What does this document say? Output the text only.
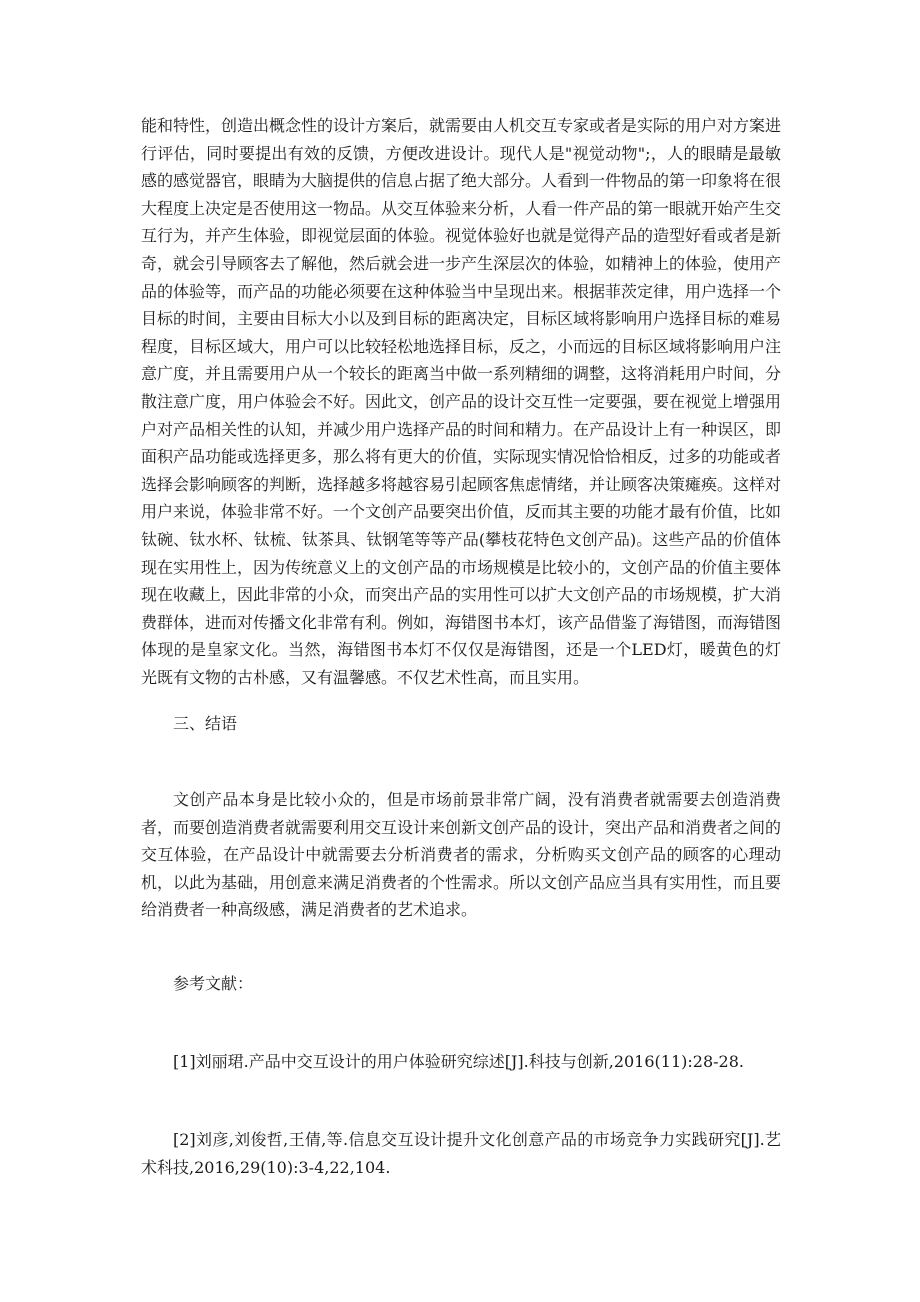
能和特性，创造出概念性的设计方案后，就需要由人机交互专家或者是实际的用户对方案进行评估，同时要提出有效的反馈，方便改进设计。现代人是"视觉动物";，人的眼睛是最敏感的感觉器官，眼睛为大脑提供的信息占据了绝大部分。人看到一件物品的第一印象将在很大程度上决定是否使用这一物品。从交互体验来分析，人看一件产品的第一眼就开始产生交互行为，并产生体验，即视觉层面的体验。视觉体验好也就是觉得产品的造型好看或者是新奇，就会引导顾客去了解他，然后就会进一步产生深层次的体验，如精神上的体验，使用产品的体验等，而产品的功能必须要在这种体验当中呈现出来。根据菲茨定律，用户选择一个目标的时间，主要由目标大小以及到目标的距离决定，目标区域将影响用户选择目标的难易程度，目标区域大，用户可以比较轻松地选择目标，反之，小而远的目标区域将影响用户注意广度，并且需要用户从一个较长的距离当中做一系列精细的调整，这将消耗用户时间，分散注意广度，用户体验会不好。因此文，创产品的设计交互性一定要强，要在视觉上增强用户对产品相关性的认知，并减少用户选择产品的时间和精力。在产品设计上有一种误区，即面积产品功能或选择更多，那么将有更大的价值，实际现实情况恰恰相反，过多的功能或者选择会影响顾客的判断，选择越多将越容易引起顾客焦虑情绪，并让顾客决策瘫痪。这样对用户来说，体验非常不好。一个文创产品要突出价值，反而其主要的功能才最有价值，比如钛碗、钛水杯、钛梳、钛茶具、钛钢笔等等产品(攀枝花特色文创产品)。这些产品的价值体现在实用性上，因为传统意义上的文创产品的市场规模是比较小的，文创产品的价值主要体现在收藏上，因此非常的小众，而突出产品的实用性可以扩大文创产品的市场规模，扩大消费群体，进而对传播文化非常有利。例如，海错图书本灯，该产品借鉴了海错图，而海错图体现的是皇家文化。当然，海错图书本灯不仅仅是海错图，还是一个LED灯，暖黄色的灯光既有文物的古朴感，又有温馨感。不仅艺术性高，而且实用。

三、结语

文创产品本身是比较小众的，但是市场前景非常广阔，没有消费者就需要去创造消费者，而要创造消费者就需要利用交互设计来创新文创产品的设计，突出产品和消费者之间的交互体验，在产品设计中就需要去分析消费者的需求，分析购买文创产品的顾客的心理动机，以此为基础，用创意来满足消费者的个性需求。所以文创产品应当具有实用性，而且要给消费者一种高级感，满足消费者的艺术追求。

参考文献：

[1]刘丽珺.产品中交互设计的用户体验研究综述[J].科技与创新,2016(11):28-28.

[2]刘彦,刘俊哲,王倩,等.信息交互设计提升文化创意产品的市场竞争力实践研究[J].艺术科技,2016,29(10):3-4,22,104.
